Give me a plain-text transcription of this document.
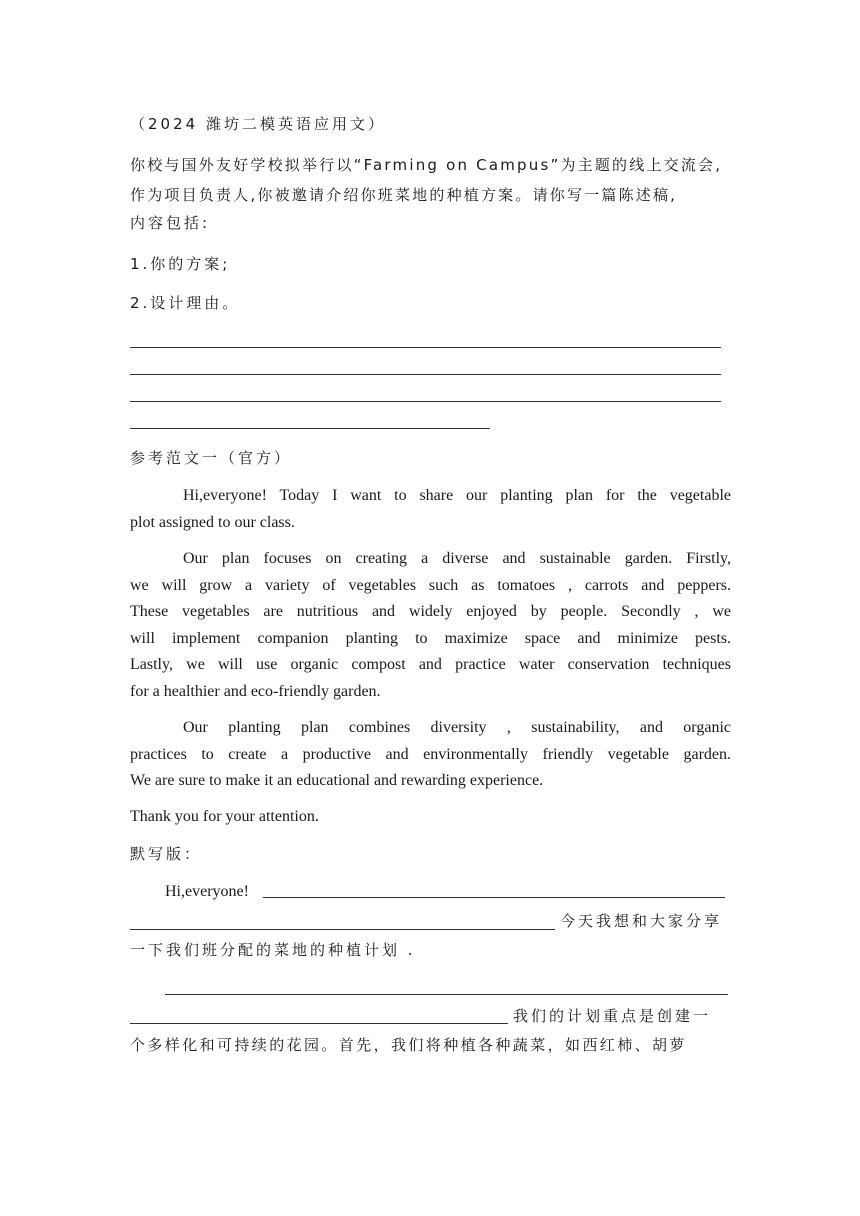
（2024 潍坊二模英语应用文）
你校与国外友好学校拟举行以“Farming on Campus”为主题的线上交流会,
作为项目负责人,你被邀请介绍你班菜地的种植方案。请你写一篇陈述稿,
内容包括:
1.你的方案;
2.设计理由。
参考范文一（官方）
Hi,everyone! Today I want to share our planting plan for the vegetable
plot assigned to our class.
Our plan focuses on creating a diverse and sustainable garden. Firstly,
we will grow a variety of vegetables such as tomatoes , carrots and peppers.
These vegetables are nutritious and widely enjoyed by people. Secondly , we
will implement companion planting to maximize space and minimize pests.
Lastly, we will use organic compost and practice water conservation techniques
for a healthier and eco-friendly garden.
Our planting plan combines diversity , sustainability, and organic
practices to create a productive and environmentally friendly vegetable garden.
We are sure to make it an educational and rewarding experience.
Thank you for your attention.
默写版：
Hi,everyone!
今天我想和大家分享
一下我们班分配的菜地的种植计划 .
我们的计划重点是创建一
个多样化和可持续的花园。首先，我们将种植各种蔬菜，如西红柿、胡萝
